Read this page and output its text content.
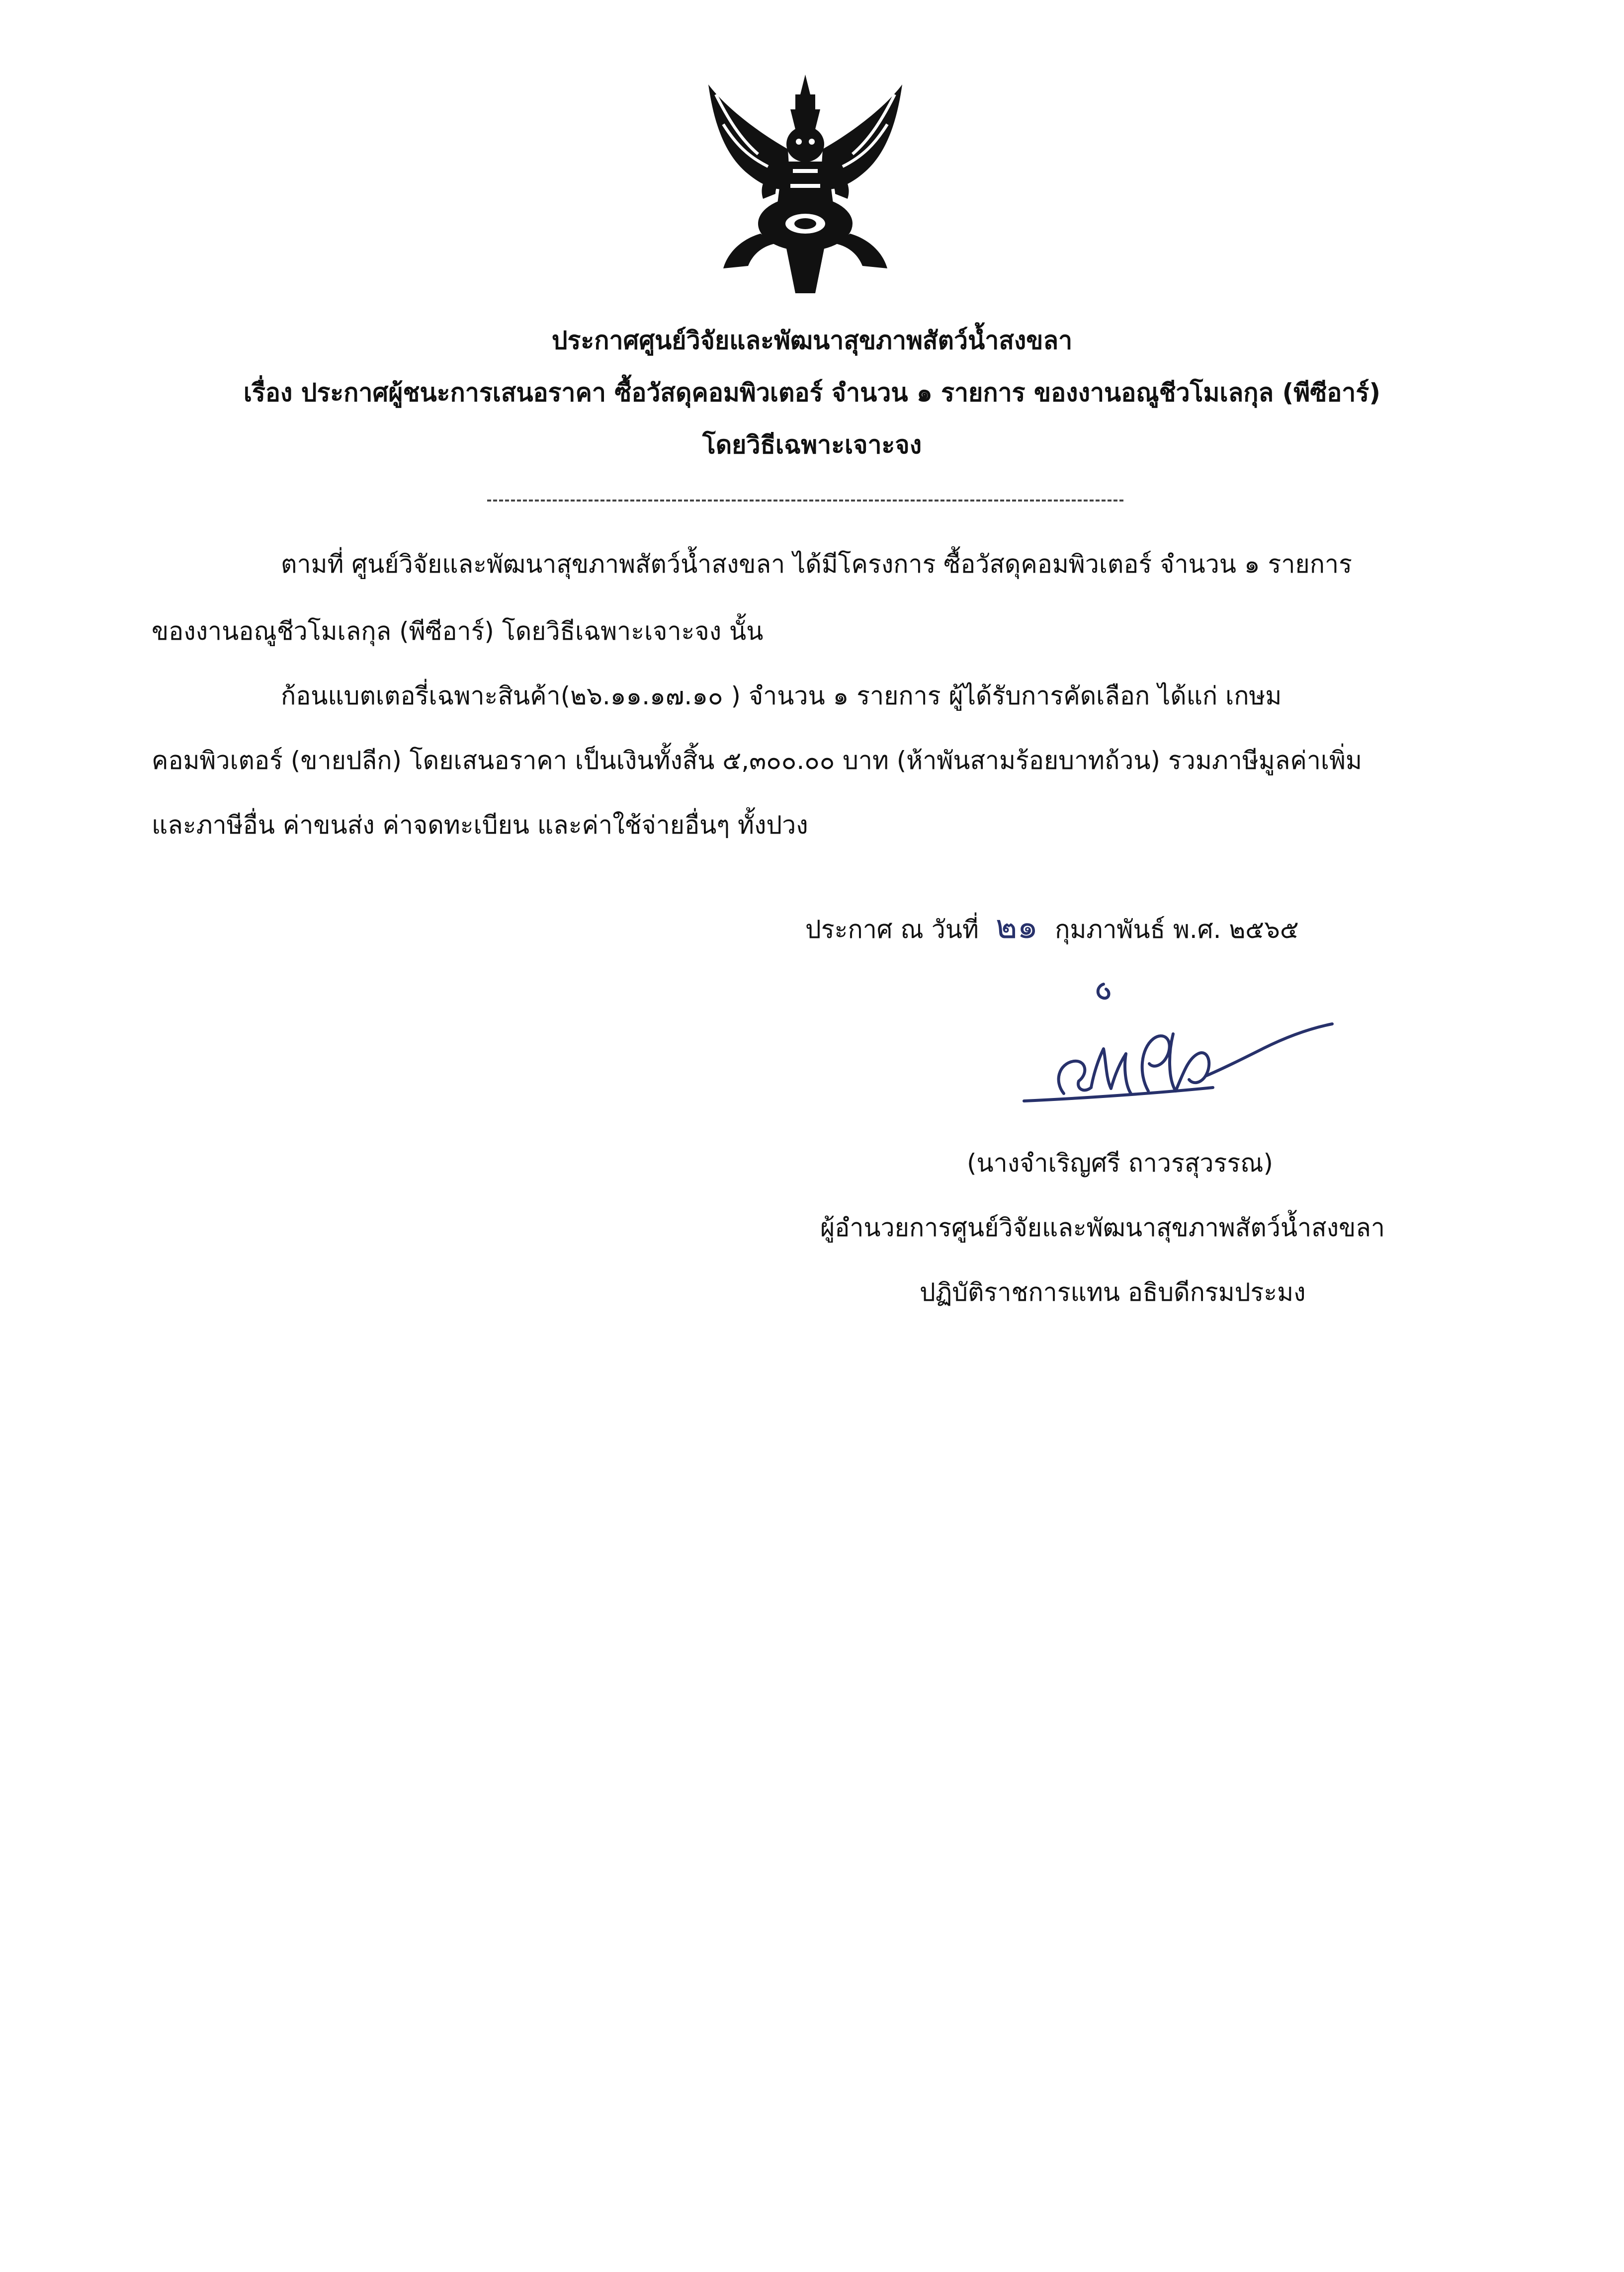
ประกาศศูนย์วิจัยและพัฒนาสุขภาพสัตว์น้ำสงขลา
เรื่อง ประกาศผู้ชนะการเสนอราคา ซื้อวัสดุคอมพิวเตอร์ จำนวน ๑ รายการ ของงานอณูชีวโมเลกุล (พีซีอาร์)
โดยวิธีเฉพาะเจาะจง
ตามที่ ศูนย์วิจัยและพัฒนาสุขภาพสัตว์น้ำสงขลา ได้มีโครงการ ซื้อวัสดุคอมพิวเตอร์ จำนวน ๑ รายการ
ของงานอณูชีวโมเลกุล (พีซีอาร์) โดยวิธีเฉพาะเจาะจง นั้น
ก้อนแบตเตอรี่เฉพาะสินค้า(๒๖.๑๑.๑๗.๑๐ ) จำนวน ๑ รายการ ผู้ได้รับการคัดเลือก ได้แก่ เกษม
คอมพิวเตอร์ (ขายปลีก) โดยเสนอราคา เป็นเงินทั้งสิ้น ๕,๓๐๐.๐๐ บาท (ห้าพันสามร้อยบาทถ้วน) รวมภาษีมูลค่าเพิ่ม
และภาษีอื่น ค่าขนส่ง ค่าจดทะเบียน และค่าใช้จ่ายอื่นๆ ทั้งปวง
ประกาศ ณ วันที่ ๒๑ กุมภาพันธ์ พ.ศ. ๒๕๖๕
(นางจำเริญศรี ถาวรสุวรรณ)
ผู้อำนวยการศูนย์วิจัยและพัฒนาสุขภาพสัตว์น้ำสงขลา
ปฏิบัติราชการแทน อธิบดีกรมประมง
